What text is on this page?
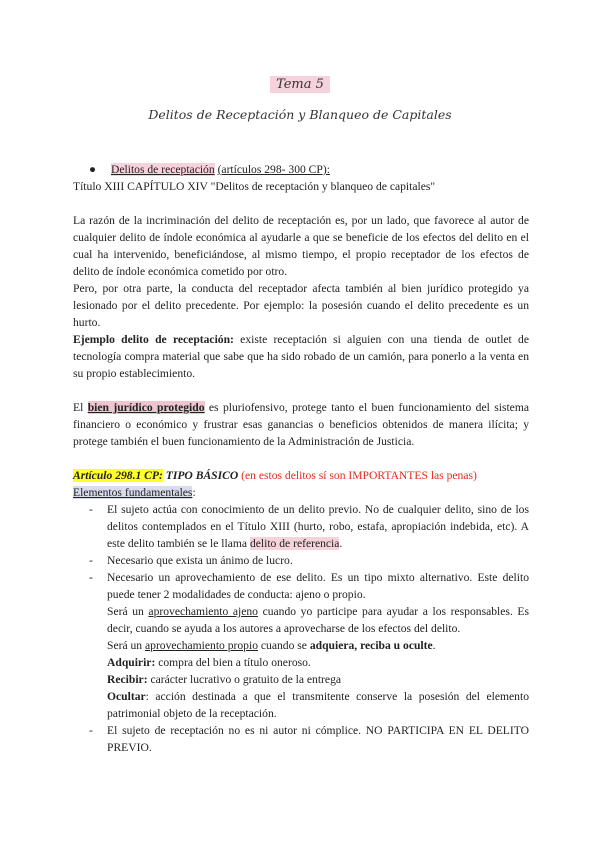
Tema 5
Delitos de Receptación y Blanqueo de Capitales
● Delitos de receptación (artículos 298- 300 CP):

Título XIII CAPÍTULO XIV "Delitos de receptación y blanqueo de capitales"

La razón de la incriminación del delito de receptación es, por un lado, que favorece al autor de cualquier delito de índole económica al ayudarle a que se beneficie de los efectos del delito en el cual ha intervenido, beneficiándose, al mismo tiempo, el propio receptador de los efectos de delito de índole económica cometido por otro.

Pero, por otra parte, la conducta del receptador afecta también al bien jurídico protegido ya lesionado por el delito precedente. Por ejemplo: la posesión cuando el delito precedente es un hurto.

Ejemplo delito de receptación: existe receptación si alguien con una tienda de outlet de tecnología compra material que sabe que ha sido robado de un camión, para ponerlo a la venta en su propio establecimiento.

El bien jurídico protegido es pluriofensivo, protege tanto el buen funcionamiento del sistema financiero o económico y frustrar esas ganancias o beneficios obtenidos de manera ilícita; y protege también el buen funcionamiento de la Administración de Justicia.

Artículo 298.1 CP: TIPO BÁSICO (en estos delitos sí son IMPORTANTES las penas)

Elementos fundamentales:

- El sujeto actúa con conocimiento de un delito previo. No de cualquier delito, sino de los delitos contemplados en el Título XIII (hurto, robo, estafa, apropiación indebida, etc). A este delito también se le llama delito de referencia.
- Necesario que exista un ánimo de lucro.
- Necesario un aprovechamiento de ese delito. Es un tipo mixto alternativo. Este delito puede tener 2 modalidades de conducta: ajeno o propio.

Será un aprovechamiento ajeno cuando yo participe para ayudar a los responsables. Es decir, cuando se ayuda a los autores a aprovecharse de los efectos del delito.

Será un aprovechamiento propio cuando se adquiera, reciba u oculte.

Adquirir: compra del bien a título oneroso.

Recibir: carácter lucrativo o gratuito de la entrega

Ocultar: acción destinada a que el transmitente conserve la posesión del elemento patrimonial objeto de la receptación.

- El sujeto de receptación no es ni autor ni cómplice. NO PARTICIPA EN EL DELITO PREVIO.
